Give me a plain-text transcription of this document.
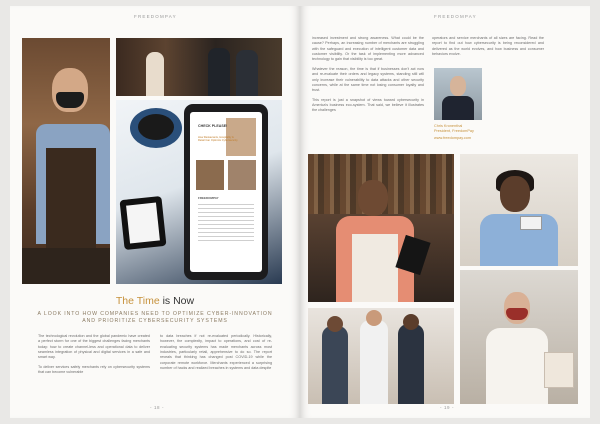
FREEDOMPAY
CHECK PLEASE!
How Restaurants, Hospitality & Retail Can Optimize Cybersecurity
FREEDOMPAY
The Time is Now
A LOOK INTO HOW COMPANIES NEED TO OPTIMIZE CYBER-INNOVATION AND PRIORITIZE CYBERSECURITY SYSTEMS

The technological revolution and the global pandemic have created a perfect storm for one of the biggest challenges facing merchants today: how to create channel-less and operational data to deliver seamless integration of physical and digital services in a safe and smart way.

To deliver services safely merchants rely on cybersecurity systems that can become vulnerable

to data breaches if not re-evaluated periodically. Historically, however, the complexity, impact to operations, and cost of re-evaluating security systems has made merchants across most industries, particularly retail, apprehensive to do so. The report reveals that thinking has changed post COVID-19 while the corporate remote workforce. Merchants experienced a surprising number of hacks and realized breaches in systems and data despite

- 18 -
FREEDOMPAY

increased investment and strong awareness. What could be the cause? Perhaps, an increasing number of merchants are struggling with the safeguard and execution of intelligent customer data and customer visibility. Or the task of implementing more advanced technology to gain that visibility is too great.

Whatever the reason, the time is that if businesses don't act now and re-evaluate their orders and legacy systems, standing still will only increase their vulnerability to data attacks and other security concerns, while at the same time not losing consumer loyalty and trust.

This report is just a snapshot of views toward cybersecurity in America's business eco-system. That said, we believe it illustrates the challenges

operators and service merchants of all sizes are facing. Read the report to find out how cybersecurity is being reconsidered and delivered as the world evolves, and how business and consumer behaviors evolve.

Chris Kronenthal
President, FreedomPay
www.freedompay.com
- 19 -
